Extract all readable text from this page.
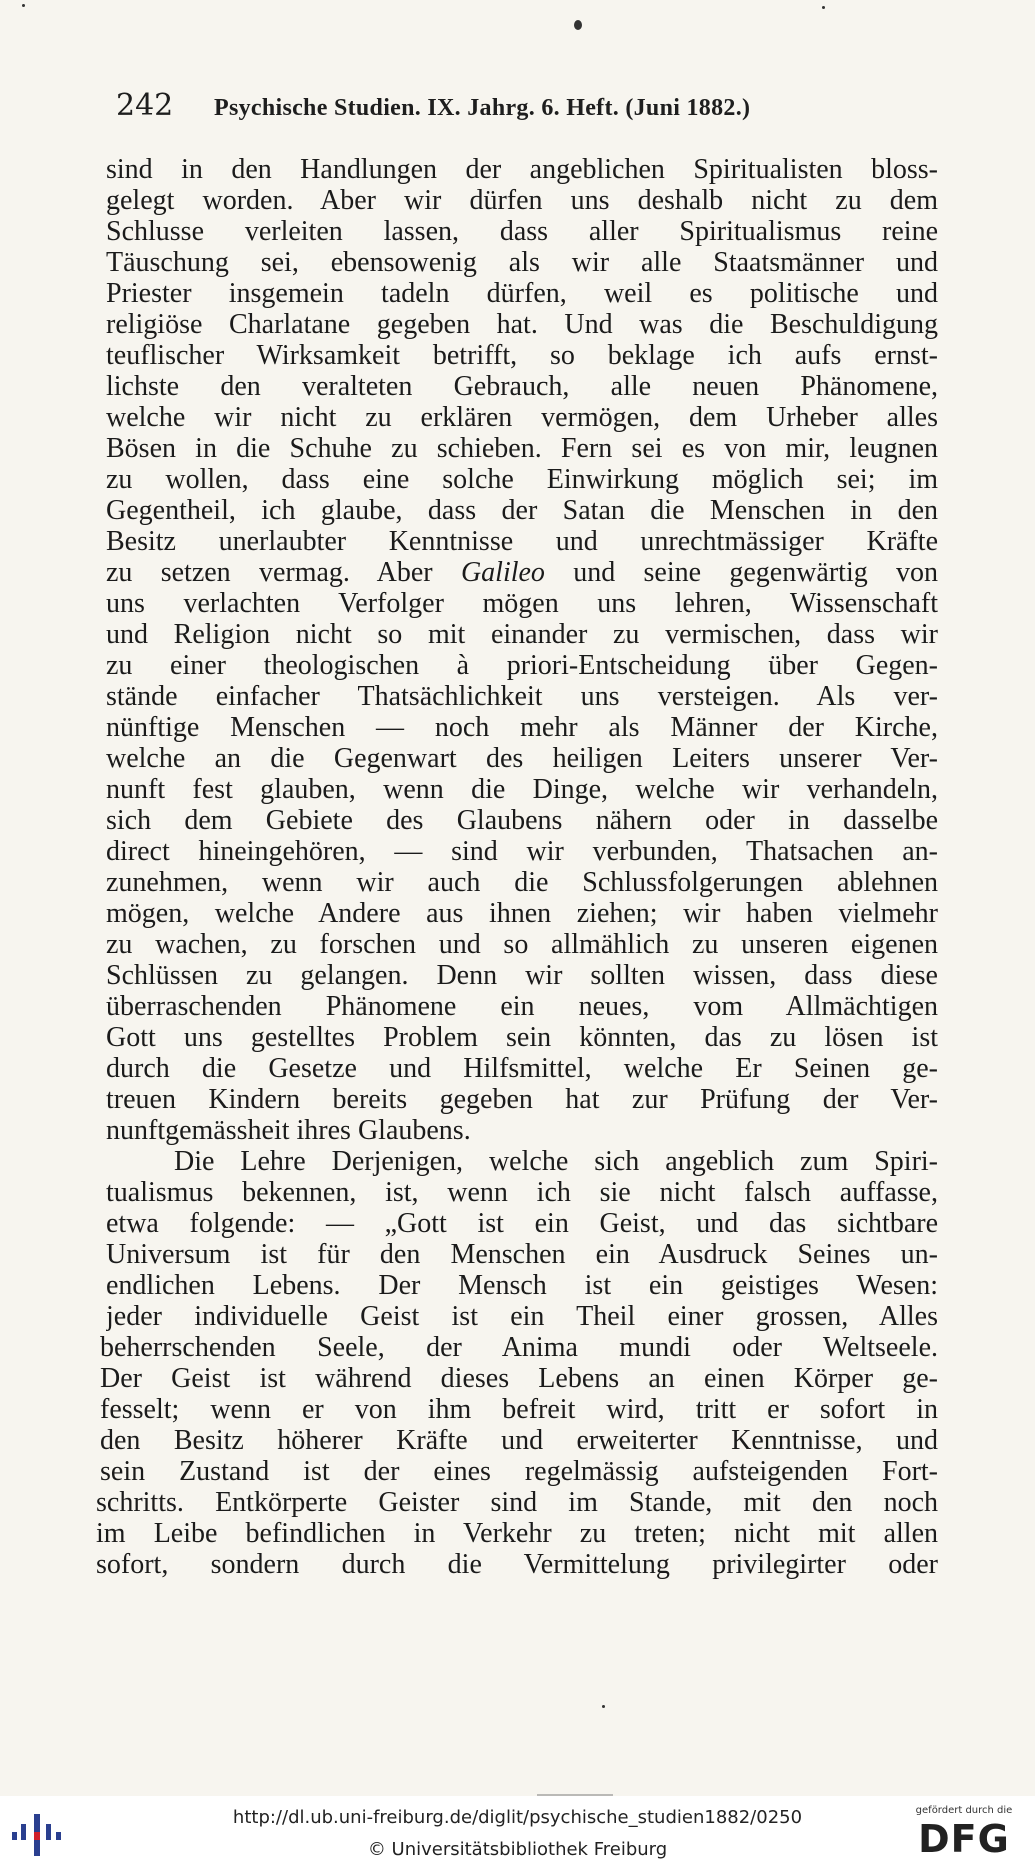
242 Psychische Studien. IX. Jahrg. 6. Heft. (Juni 1882.)
sind in den Handlungen der angeblichen Spiritualisten bloss-
gelegt worden. Aber wir dürfen uns deshalb nicht zu dem
Schlusse verleiten lassen, dass aller Spiritualismus reine
Täuschung sei, ebensowenig als wir alle Staatsmänner und
Priester insgemein tadeln dürfen, weil es politische und
religiöse Charlatane gegeben hat. Und was die Beschuldigung
teuflischer Wirksamkeit betrifft, so beklage ich aufs ernst-
lichste den veralteten Gebrauch, alle neuen Phänomene,
welche wir nicht zu erklären vermögen, dem Urheber alles
Bösen in die Schuhe zu schieben. Fern sei es von mir, leugnen
zu wollen, dass eine solche Einwirkung möglich sei; im
Gegentheil, ich glaube, dass der Satan die Menschen in den
Besitz unerlaubter Kenntnisse und unrechtmässiger Kräfte
zu setzen vermag. Aber Galileo und seine gegenwärtig von
uns verlachten Verfolger mögen uns lehren, Wissenschaft
und Religion nicht so mit einander zu vermischen, dass wir
zu einer theologischen à priori-Entscheidung über Gegen-
stände einfacher Thatsächlichkeit uns versteigen. Als ver-
nünftige Menschen — noch mehr als Männer der Kirche,
welche an die Gegenwart des heiligen Leiters unserer Ver-
nunft fest glauben, wenn die Dinge, welche wir verhandeln,
sich dem Gebiete des Glaubens nähern oder in dasselbe
direct hineingehören, — sind wir verbunden, Thatsachen an-
zunehmen, wenn wir auch die Schlussfolgerungen ablehnen
mögen, welche Andere aus ihnen ziehen; wir haben vielmehr
zu wachen, zu forschen und so allmählich zu unseren eigenen
Schlüssen zu gelangen. Denn wir sollten wissen, dass diese
überraschenden Phänomene ein neues, vom Allmächtigen
Gott uns gestelltes Problem sein könnten, das zu lösen ist
durch die Gesetze und Hilfsmittel, welche Er Seinen ge-
treuen Kindern bereits gegeben hat zur Prüfung der Ver-
nunftgemässheit ihres Glaubens.
Die Lehre Derjenigen, welche sich angeblich zum Spiri-
tualismus bekennen, ist, wenn ich sie nicht falsch auffasse,
etwa folgende: — „Gott ist ein Geist, und das sichtbare
Universum ist für den Menschen ein Ausdruck Seines un-
endlichen Lebens. Der Mensch ist ein geistiges Wesen:
jeder individuelle Geist ist ein Theil einer grossen, Alles
beherrschenden Seele, der Anima mundi oder Weltseele.
Der Geist ist während dieses Lebens an einen Körper ge-
fesselt; wenn er von ihm befreit wird, tritt er sofort in
den Besitz höherer Kräfte und erweiterter Kenntnisse, und
sein Zustand ist der eines regelmässig aufsteigenden Fort-
schritts. Entkörperte Geister sind im Stande, mit den noch
im Leibe befindlichen in Verkehr zu treten; nicht mit allen
sofort, sondern durch die Vermittelung privilegirter oder
http://dl.ub.uni-freiburg.de/diglit/psychische_studien1882/0250
© Universitätsbibliothek Freiburg
gefördert durch die
DFG
